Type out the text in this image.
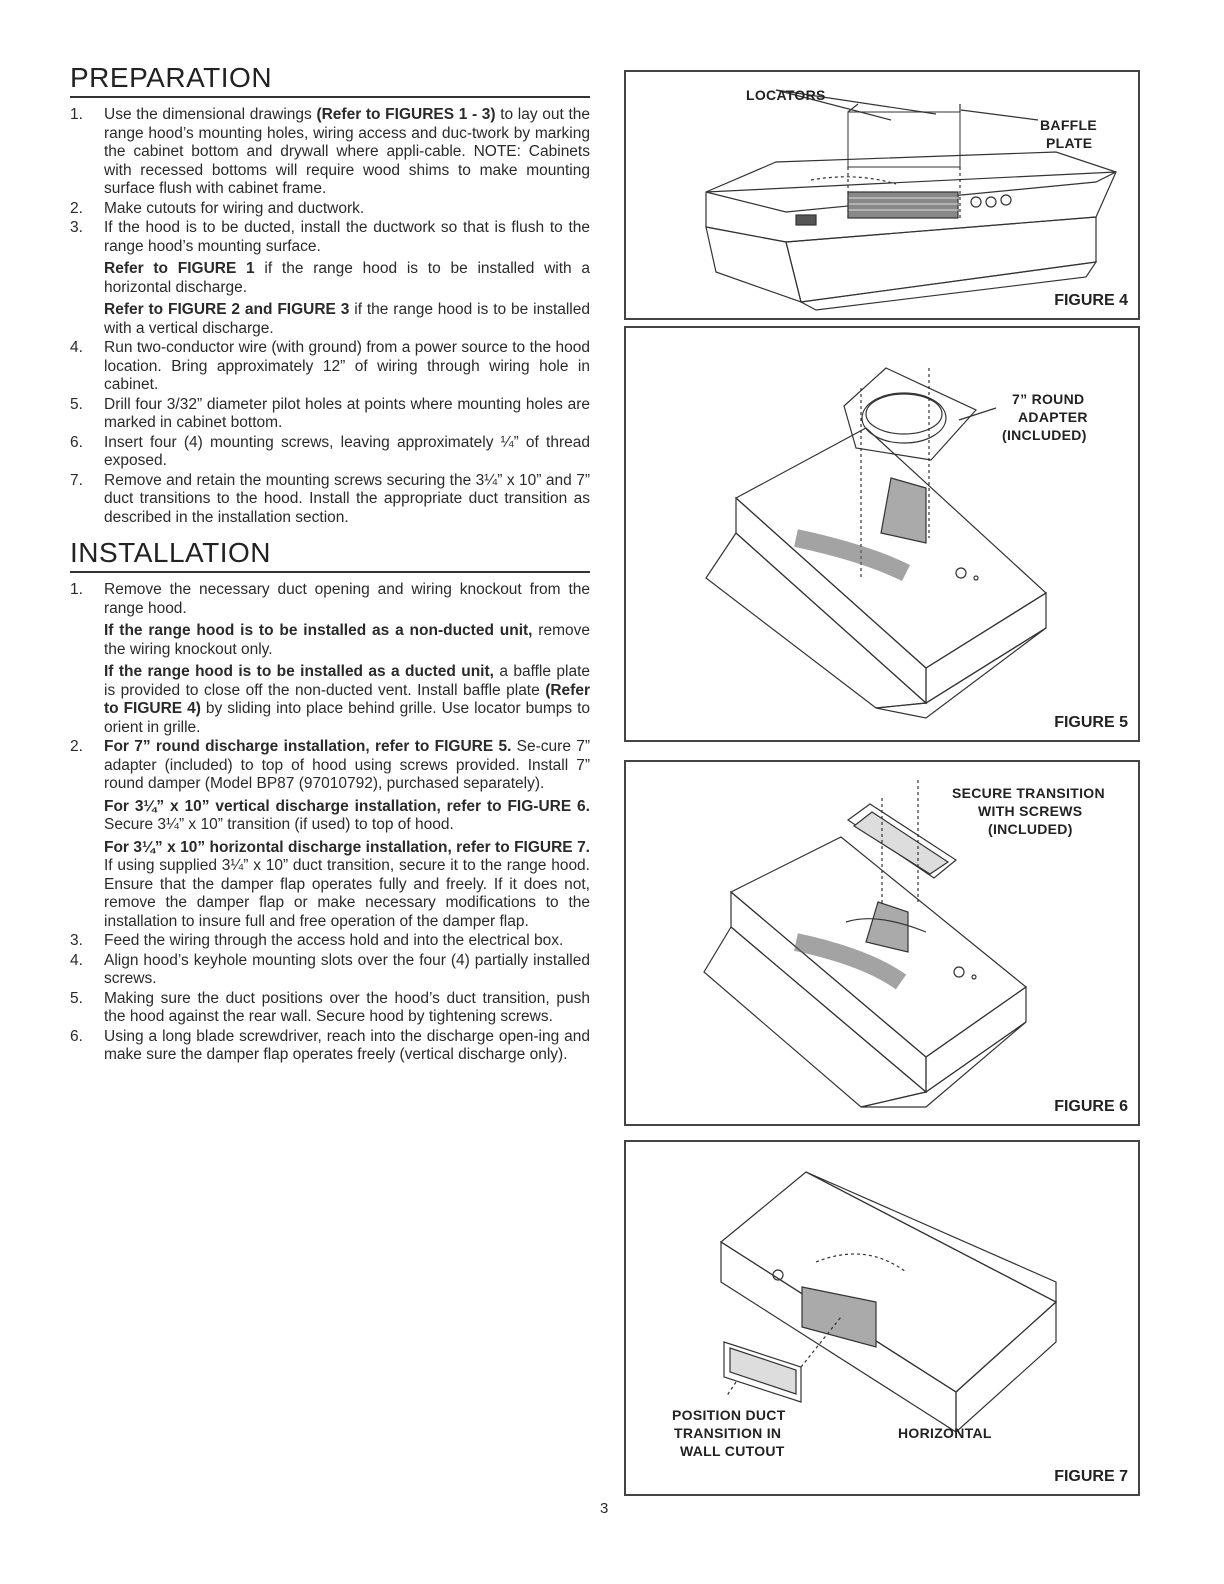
PREPARATION
1.	Use the dimensional drawings (Refer to FIGURES 1 - 3) to lay out the range hood’s mounting holes, wiring access and duc-twork by marking the cabinet bottom and drywall where appli-cable. NOTE: Cabinets with recessed bottoms will require wood shims to make mounting surface flush with cabinet frame.
2.	Make cutouts for wiring and ductwork.
3.	If the hood is to be ducted, install the ductwork so that is flush to the range hood’s mounting surface.

Refer to FIGURE 1 if the range hood is to be installed with a horizontal discharge.

Refer to FIGURE 2 and FIGURE 3 if the range hood is to be installed with a vertical discharge.

4.	Run two-conductor wire (with ground) from a power source to the hood location. Bring approximately 12” of wiring through wiring hole in cabinet.
5.	Drill four 3/32” diameter pilot holes at points where mounting holes are marked in cabinet bottom.
6.	Insert four (4) mounting screws, leaving approximately ¼” of thread exposed.
7.	Remove and retain the mounting screws securing the 3¼” x 10” and 7” duct transitions to the hood. Install the appropriate duct transition as described in the installation section.
INSTALLATION
1.	Remove the necessary duct opening and wiring knockout from the range hood.

If the range hood is to be installed as a non-ducted unit, remove the wiring knockout only.

If the range hood is to be installed as a ducted unit, a baffle plate is provided to close off the non-ducted vent. Install baffle plate (Refer to FIGURE 4) by sliding into place behind grille. Use locator bumps to orient in grille.

2.	For 7” round discharge installation, refer to FIGURE 5. Se-cure 7” adapter (included) to top of hood using screws provided. Install 7” round damper (Model BP87 (97010792), purchased separately).

For 3¼” x 10” vertical discharge installation, refer to FIG-URE 6. Secure 3¼” x 10” transition (if used) to top of hood.

For 3¼” x 10” horizontal discharge installation, refer to FIGURE 7. If using supplied 3¼” x 10” duct transition, secure it to the range hood. Ensure that the damper flap operates fully and freely. If it does not, remove the damper flap or make necessary modifications to the installation to insure full and free operation of the damper flap.

3.	Feed the wiring through the access hold and into the electrical box.
4.	Align hood’s keyhole mounting slots over the four (4) partially installed screws.
5.	Making sure the duct positions over the hood’s duct transition, push the hood against the rear wall. Secure hood by tightening screws.
6.	Using a long blade screwdriver, reach into the discharge open-ing and make sure the damper flap operates freely (vertical discharge only).
LOCATORS
BAFFLE
PLATE
FIGURE 4
7” ROUND
ADAPTER
(INCLUDED)
FIGURE 5
SECURE TRANSITION
WITH SCREWS
(INCLUDED)
FIGURE 6
POSITION DUCT
TRANSITION IN
WALL CUTOUT
HORIZONTAL
FIGURE 7
3
